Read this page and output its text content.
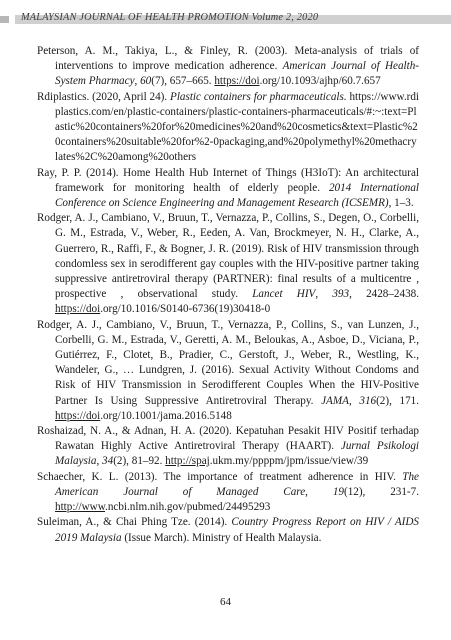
MALAYSIAN JOURNAL OF HEALTH PROMOTION Volume 2, 2020

Peterson, A. M., Takiya, L., & Finley, R. (2003). Meta-analysis of trials of interventions to improve medication adherence. American Journal of Health-System Pharmacy, 60(7), 657–665. https://doi.org/10.1093/ajhp/60.7.657

Rdiplastics. (2020, April 24). Plastic containers for pharmaceuticals. https://www.rdiplastics.com/en/plastic-containers/plastic-containers-pharmaceuticals/#:~:text=Plastic%20containers%20for%20medicines%20and%20cosmetics&text=Plastic%20containers%20suitable%20for%2-0packaging,and%20polymethyl%20methacrylates%2C%20among%20others

Ray, P. P. (2014). Home Health Hub Internet of Things (H3IoT): An architectural framework for monitoring health of elderly people. 2014 International Conference on Science Engineering and Management Research (ICSEMR), 1–3.

Rodger, A. J., Cambiano, V., Bruun, T., Vernazza, P., Collins, S., Degen, O., Corbelli, G. M., Estrada, V., Weber, R., Eeden, A. Van, Brockmeyer, N. H., Clarke, A., Guerrero, R., Raffi, F., & Bogner, J. R. (2019). Risk of HIV transmission through condomless sex in serodifferent gay couples with the HIV-positive partner taking suppressive antiretroviral therapy (PARTNER): final results of a multicentre , prospective , observational study. Lancet HIV, 393, 2428–2438. https://doi.org/10.1016/S0140-6736(19)30418-0

Rodger, A. J., Cambiano, V., Bruun, T., Vernazza, P., Collins, S., van Lunzen, J., Corbelli, G. M., Estrada, V., Geretti, A. M., Beloukas, A., Asboe, D., Viciana, P., Gutiérrez, F., Clotet, B., Pradier, C., Gerstoft, J., Weber, R., Westling, K., Wandeler, G., … Lundgren, J. (2016). Sexual Activity Without Condoms and Risk of HIV Transmission in Serodifferent Couples When the HIV-Positive Partner Is Using Suppressive Antiretroviral Therapy. JAMA, 316(2), 171. https://doi.org/10.1001/jama.2016.5148

Roshaizad, N. A., & Adnan, H. A. (2020). Kepatuhan Pesakit HIV Positif terhadap Rawatan Highly Active Antiretroviral Therapy (HAART). Jurnal Psikologi Malaysia, 34(2), 81–92. http://spaj.ukm.my/ppppm/jpm/issue/view/39

Schaecher, K. L. (2013). The importance of treatment adherence in HIV. The American Journal of Managed Care, 19(12), 231-7. http://www.ncbi.nlm.nih.gov/pubmed/24495293

Suleiman, A., & Chai Phing Tze. (2014). Country Progress Report on HIV / AIDS 2019 Malaysia (Issue March). Ministry of Health Malaysia.

64
